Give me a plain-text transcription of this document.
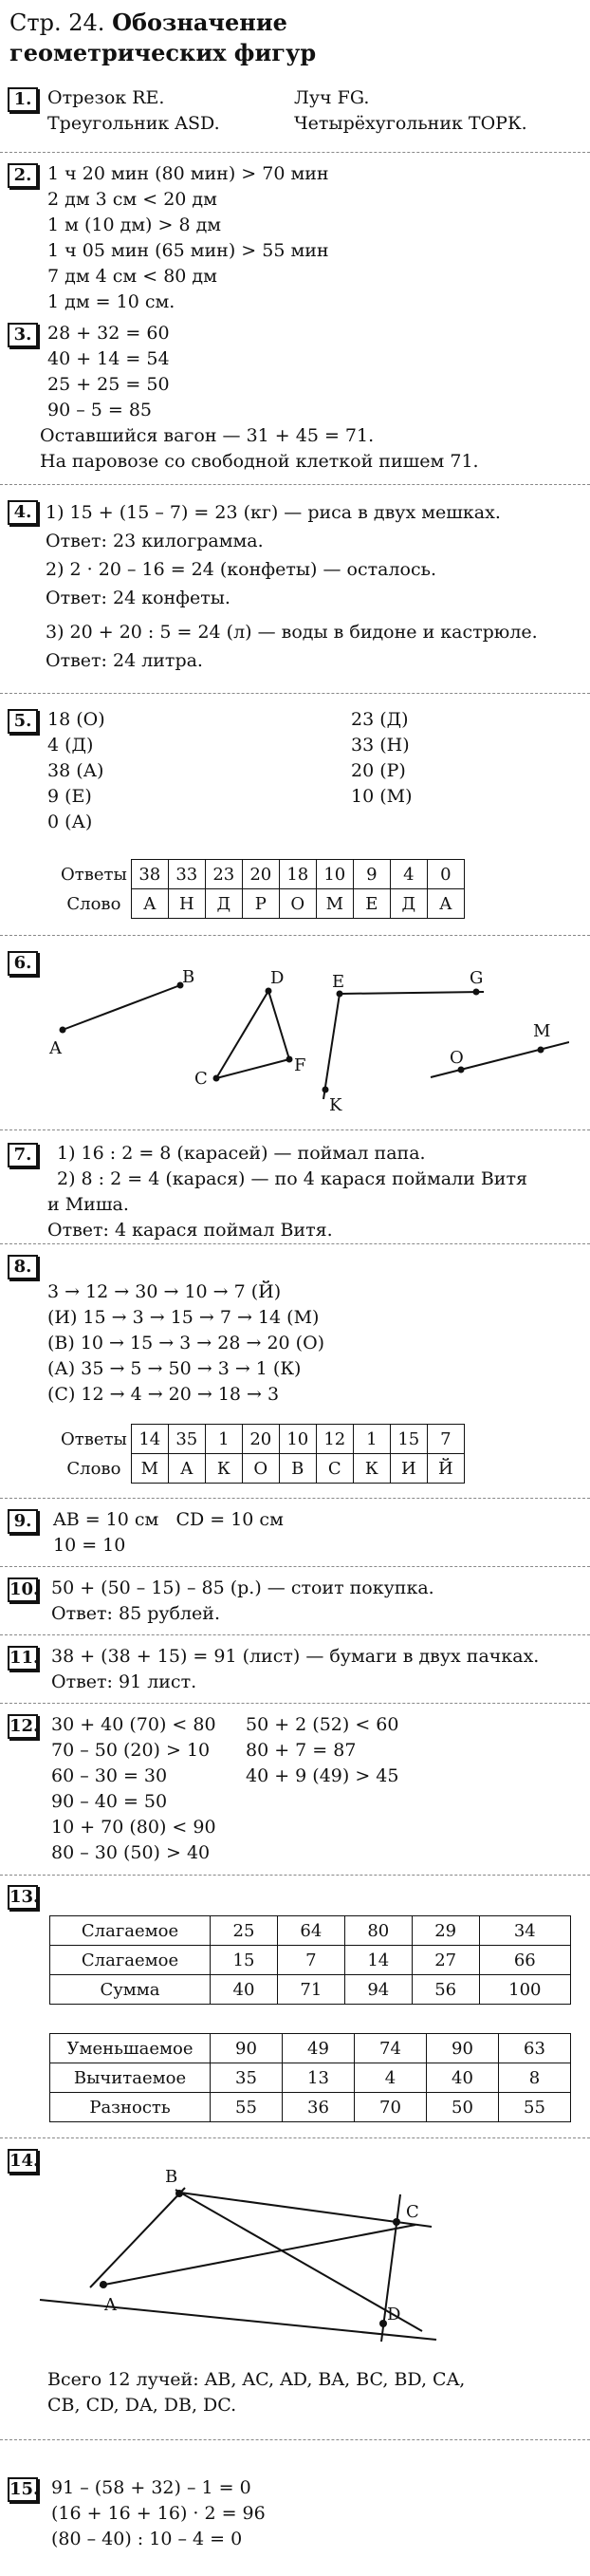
Стр. 24. Обозначение
геометрических фигур
1. Отрезок RE.
Треугольник ASD.
Луч FG.
Четырёхугольник TОРК.
2. 1 ч 20 мин (80 мин) > 70 мин
2 дм 3 см < 20 дм
1 м (10 дм) > 8 дм
1 ч 05 мин (65 мин) > 55 мин
7 дм 4 см < 80 дм
1 дм = 10 см.
3. 28 + 32 = 60
40 + 14 = 54
25 + 25 = 50
90 – 5 = 85
Оставшийся вагон — 31 + 45 = 71.
На паровозе со свободной клеткой пишем 71.
4. 1) 15 + (15 – 7) = 23 (кг) — риса в двух мешках.
Ответ: 23 килограмма.
2) 2 · 20 – 16 = 24 (конфеты) — осталось.
Ответ: 24 конфеты.
3) 20 + 20 : 5 = 24 (л) — воды в бидоне и кастрюле.
Ответ: 24 литра.
5. 18 (О)
4 (Д)
38 (А)
9 (Е)
0 (А)
23 (Д)
33 (Н)
20 (Р)
10 (М)
Ответы	38	33	23	20	18	10	9	4	0
Слово	А	Н	Д	Р	О	М	Е	Д	А
6.
B
A
D
C
F
E
K
G
M
O
7.	1) 16 : 2 = 8 (карасей) — поймал папа.
2) 8 : 2 = 4 (карася) — по 4 карася поймали Витя
и Миша.
Ответ: 4 карася поймал Витя.
8.
3 → 12 → 30 → 10 → 7 (Й)
(И) 15 → 3 → 15 → 7 → 14 (М)
(В) 10 → 15 → 3 → 28 → 20 (О)
(А) 35 → 5 → 50 → 3 → 1 (К)
(С) 12 → 4 → 20 → 18 → 3
Ответы	14	35	1	20	10	12	1	15	7
Слово	М	А	К	О	В	С	К	И	Й
9.	AB = 10 см   CD = 10 см
10 = 10
10. 50 + (50 – 15) – 85 (р.) — стоит покупка.
Ответ: 85 рублей.
11. 38 + (38 + 15) = 91 (лист) — бумаги в двух пачках.
Ответ: 91 лист.
12. 30 + 40 (70) < 80
70 – 50 (20) > 10
60 – 30 = 30
90 – 40 = 50
10 + 70 (80) < 90
80 – 30 (50) > 40
50 + 2 (52) < 60
80 + 7 = 87
40 + 9 (49) > 45
13.
Слагаемое	25	64	80	29	34
Слагаемое	15	7	14	27	66
Сумма	40	71	94	56	100
Уменьшаемое	90	49	74	90	63
Вычитаемое	35	13	4	40	8
Разность	55	36	70	50	55
14.
B
C
A	D
Всего 12 лучей: AB, AC, AD, BA, BC, BD, CA,
CB, CD, DA, DB, DC.
15. 91 – (58 + 32) – 1 = 0
(16 + 16 + 16) · 2 = 96
(80 – 40) : 10 – 4 = 0
